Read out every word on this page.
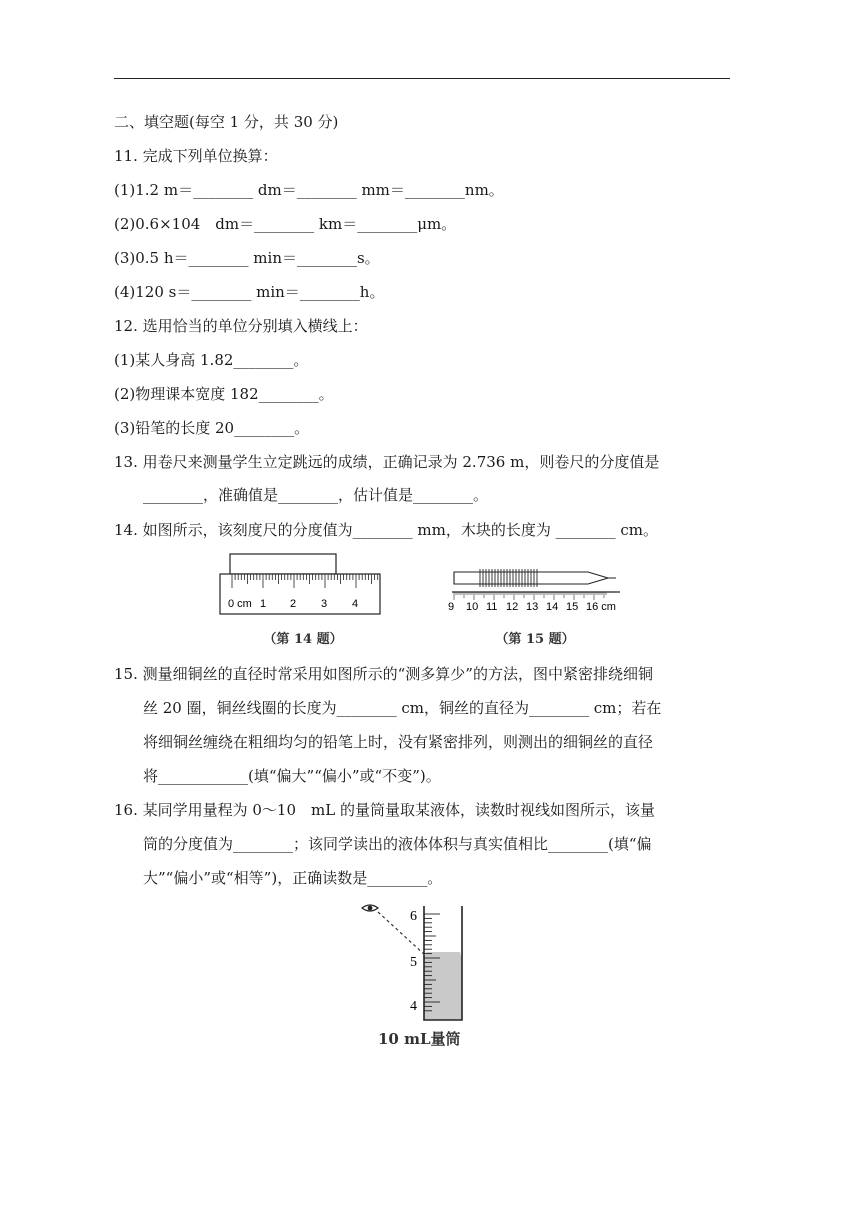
二、填空题(每空 1 分，共 30 分)
11. 完成下列单位换算：
(1)1.2 m＝________ dm＝________ mm＝________nm。
(2)0.6×104　dm＝________ km＝________μm。
(3)0.5 h＝________ min＝________s。
(4)120 s＝________ min＝________h。
12. 选用恰当的单位分别填入横线上：
(1)某人身高 1.82________。
(2)物理课本宽度 182________。
(3)铅笔的长度 20________。
13. 用卷尺来测量学生立定跳远的成绩，正确记录为 2.736 m，则卷尺的分度值是
________，准确值是________，估计值是________。
14. 如图所示，该刻度尺的分度值为________ mm，木块的长度为 ________ cm。
0 cm 1 2 3 4
（第 14 题）
9 10 11 12 13 14 15 16 cm
（第 15 题）
15. 测量细铜丝的直径时常采用如图所示的“测多算少”的方法，图中紧密排绕细铜
丝 20 圈，铜丝线圈的长度为________ cm，铜丝的直径为________ cm；若在
将细铜丝缠绕在粗细均匀的铅笔上时，没有紧密排列，则测出的细铜丝的直径
将____________(填“偏大”“偏小”或“不变”)。
16. 某同学用量程为 0～10　mL 的量筒量取某液体，读数时视线如图所示，该量
筒的分度值为________；该同学读出的液体体积与真实值相比________(填“偏
大”“偏小”或“相等”)，正确读数是________。
6
5
4
10 mL量筒
